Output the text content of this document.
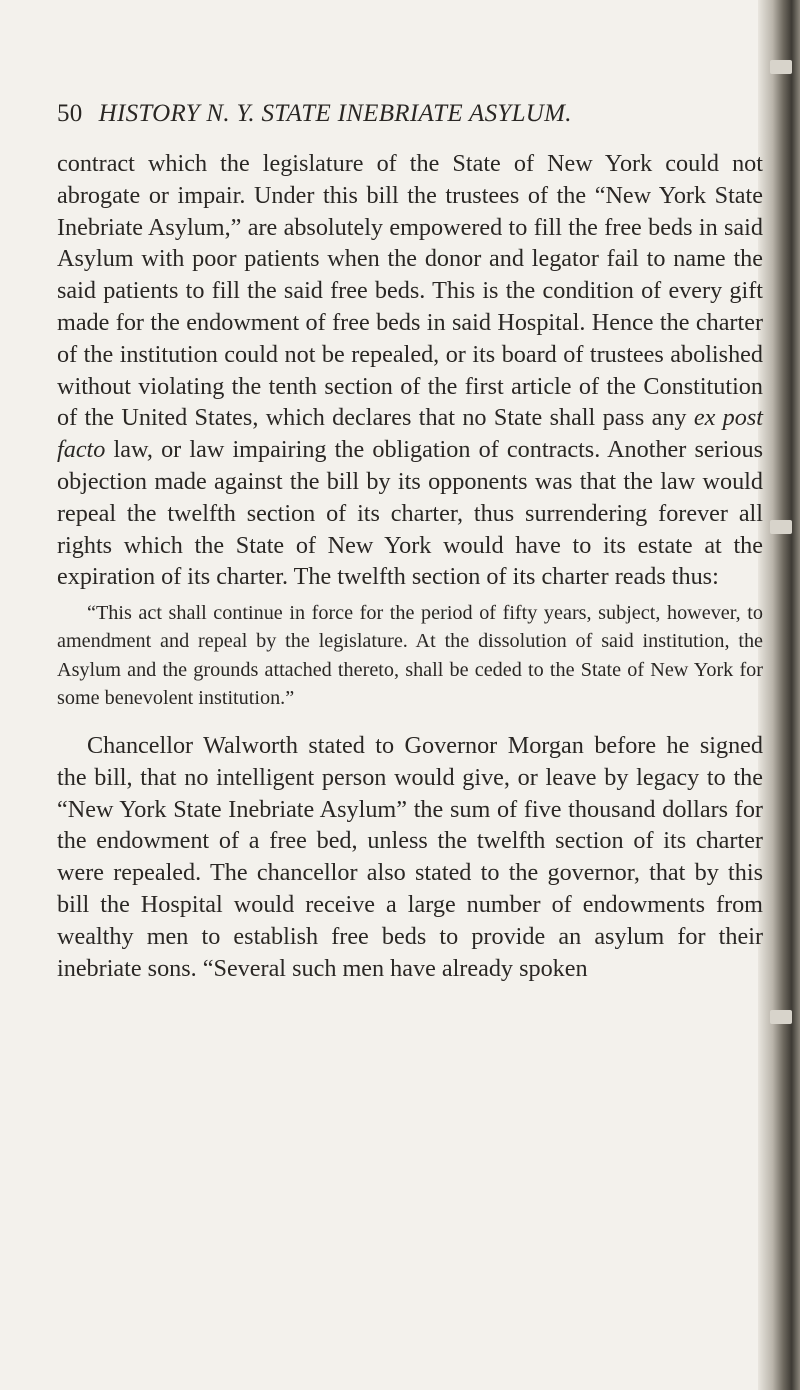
50 HISTORY N. Y. STATE INEBRIATE ASYLUM.

contract which the legislature of the State of New York could not abrogate or impair. Under this bill the trustees of the “New York State Inebriate Asylum,” are absolutely empowered to fill the free beds in said Asylum with poor patients when the donor and legator fail to name the said patients to fill the said free beds. This is the condition of every gift made for the endowment of free beds in said Hospital. Hence the charter of the institution could not be repealed, or its board of trustees abolished without violating the tenth section of the first article of the Constitution of the United States, which declares that no State shall pass any ex post facto law, or law impairing the obligation of contracts. Another serious objection made against the bill by its opponents was that the law would repeal the twelfth section of its charter, thus surrendering forever all rights which the State of New York would have to its estate at the expiration of its charter. The twelfth section of its charter reads thus:

“This act shall continue in force for the period of fifty years, subject, however, to amendment and repeal by the legislature. At the dissolution of said institution, the Asylum and the grounds attached thereto, shall be ceded to the State of New York for some benevolent institution.”

Chancellor Walworth stated to Governor Morgan before he signed the bill, that no intelligent person would give, or leave by legacy to the “New York State Inebriate Asylum” the sum of five thousand dollars for the endowment of a free bed, unless the twelfth section of its charter were repealed. The chancellor also stated to the governor, that by this bill the Hospital would receive a large number of endowments from wealthy men to establish free beds to provide an asylum for their inebriate sons. “Several such men have already spoken
